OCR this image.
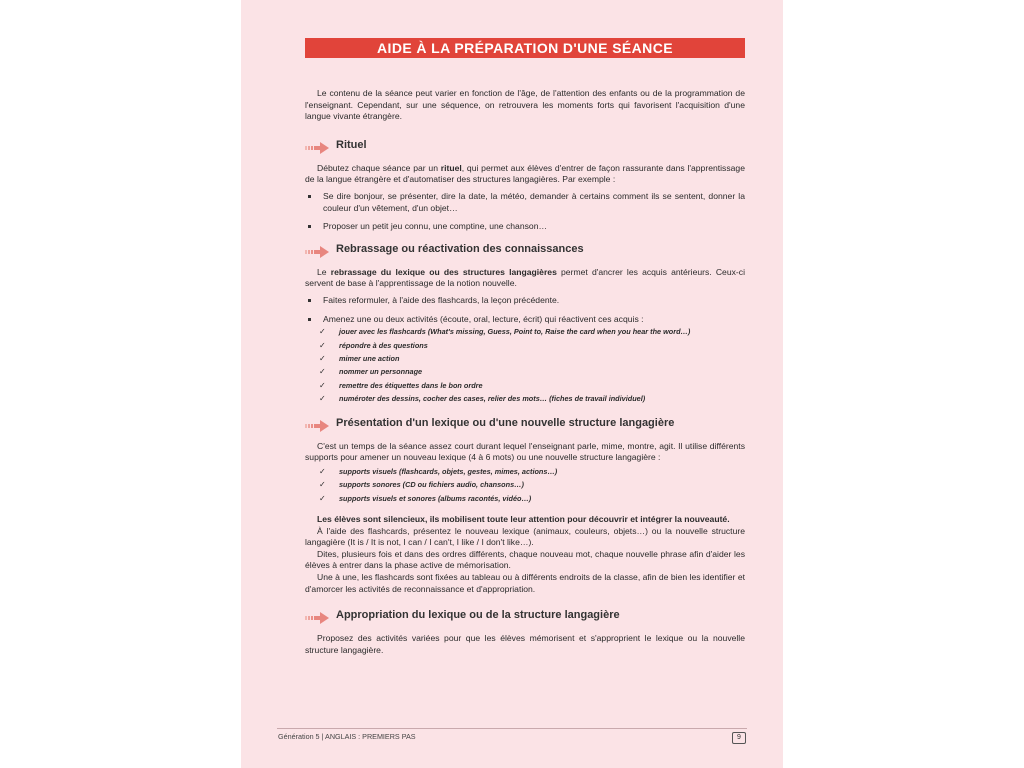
AIDE À LA PRÉPARATION D'UNE SÉANCE

Le contenu de la séance peut varier en fonction de l'âge, de l'attention des enfants ou de la programmation de l'enseignant. Cependant, sur une séquence, on retrouvera les moments forts qui favorisent l'acquisition d'une langue vivante étrangère.

Rituel

Débutez chaque séance par un rituel, qui permet aux élèves d'entrer de façon rassurante dans l'apprentissage de la langue étrangère et d'automatiser des structures langagières. Par exemple :

Se dire bonjour, se présenter, dire la date, la météo, demander à certains comment ils se sentent, donner la couleur d'un vêtement, d'un objet…
Proposer un petit jeu connu, une comptine, une chanson…
Rebrassage ou réactivation des connaissances

Le rebrassage du lexique ou des structures langagières permet d'ancrer les acquis antérieurs. Ceux-ci servent de base à l'apprentissage de la notion nouvelle.

Faites reformuler, à l'aide des flashcards, la leçon précédente.
Amenez une ou deux activités (écoute, oral, lecture, écrit) qui réactivent ces acquis :
✓ jouer avec les flashcards (What's missing, Guess, Point to, Raise the card when you hear the word…)
✓ répondre à des questions
✓ mimer une action
✓ nommer un personnage
✓ remettre des étiquettes dans le bon ordre
✓ numéroter des dessins, cocher des cases, relier des mots… (fiches de travail individuel)
Présentation d'un lexique ou d'une nouvelle structure langagière

C'est un temps de la séance assez court durant lequel l'enseignant parle, mime, montre, agit. Il utilise différents supports pour amener un nouveau lexique (4 à 6 mots) ou une nouvelle structure langagière :

✓ supports visuels (flashcards, objets, gestes, mimes, actions…)
✓ supports sonores (CD ou fichiers audio, chansons…)
✓ supports visuels et sonores (albums racontés, vidéo…)

Les élèves sont silencieux, ils mobilisent toute leur attention pour découvrir et intégrer la nouveauté.

À l'aide des flashcards, présentez le nouveau lexique (animaux, couleurs, objets…) ou la nouvelle structure langagière (It is / It is not, I can / I can't, I like / I don't like…).

Dites, plusieurs fois et dans des ordres différents, chaque nouveau mot, chaque nouvelle phrase afin d'aider les élèves à entrer dans la phase active de mémorisation.

Une à une, les flashcards sont fixées au tableau ou à différents endroits de la classe, afin de bien les identifier et d'amorcer les activités de reconnaissance et d'appropriation.

Appropriation du lexique ou de la structure langagière

Proposez des activités variées pour que les élèves mémorisent et s'approprient le lexique ou la nouvelle structure langagière.

Génération 5 | ANGLAIS : PREMIERS PAS	9
